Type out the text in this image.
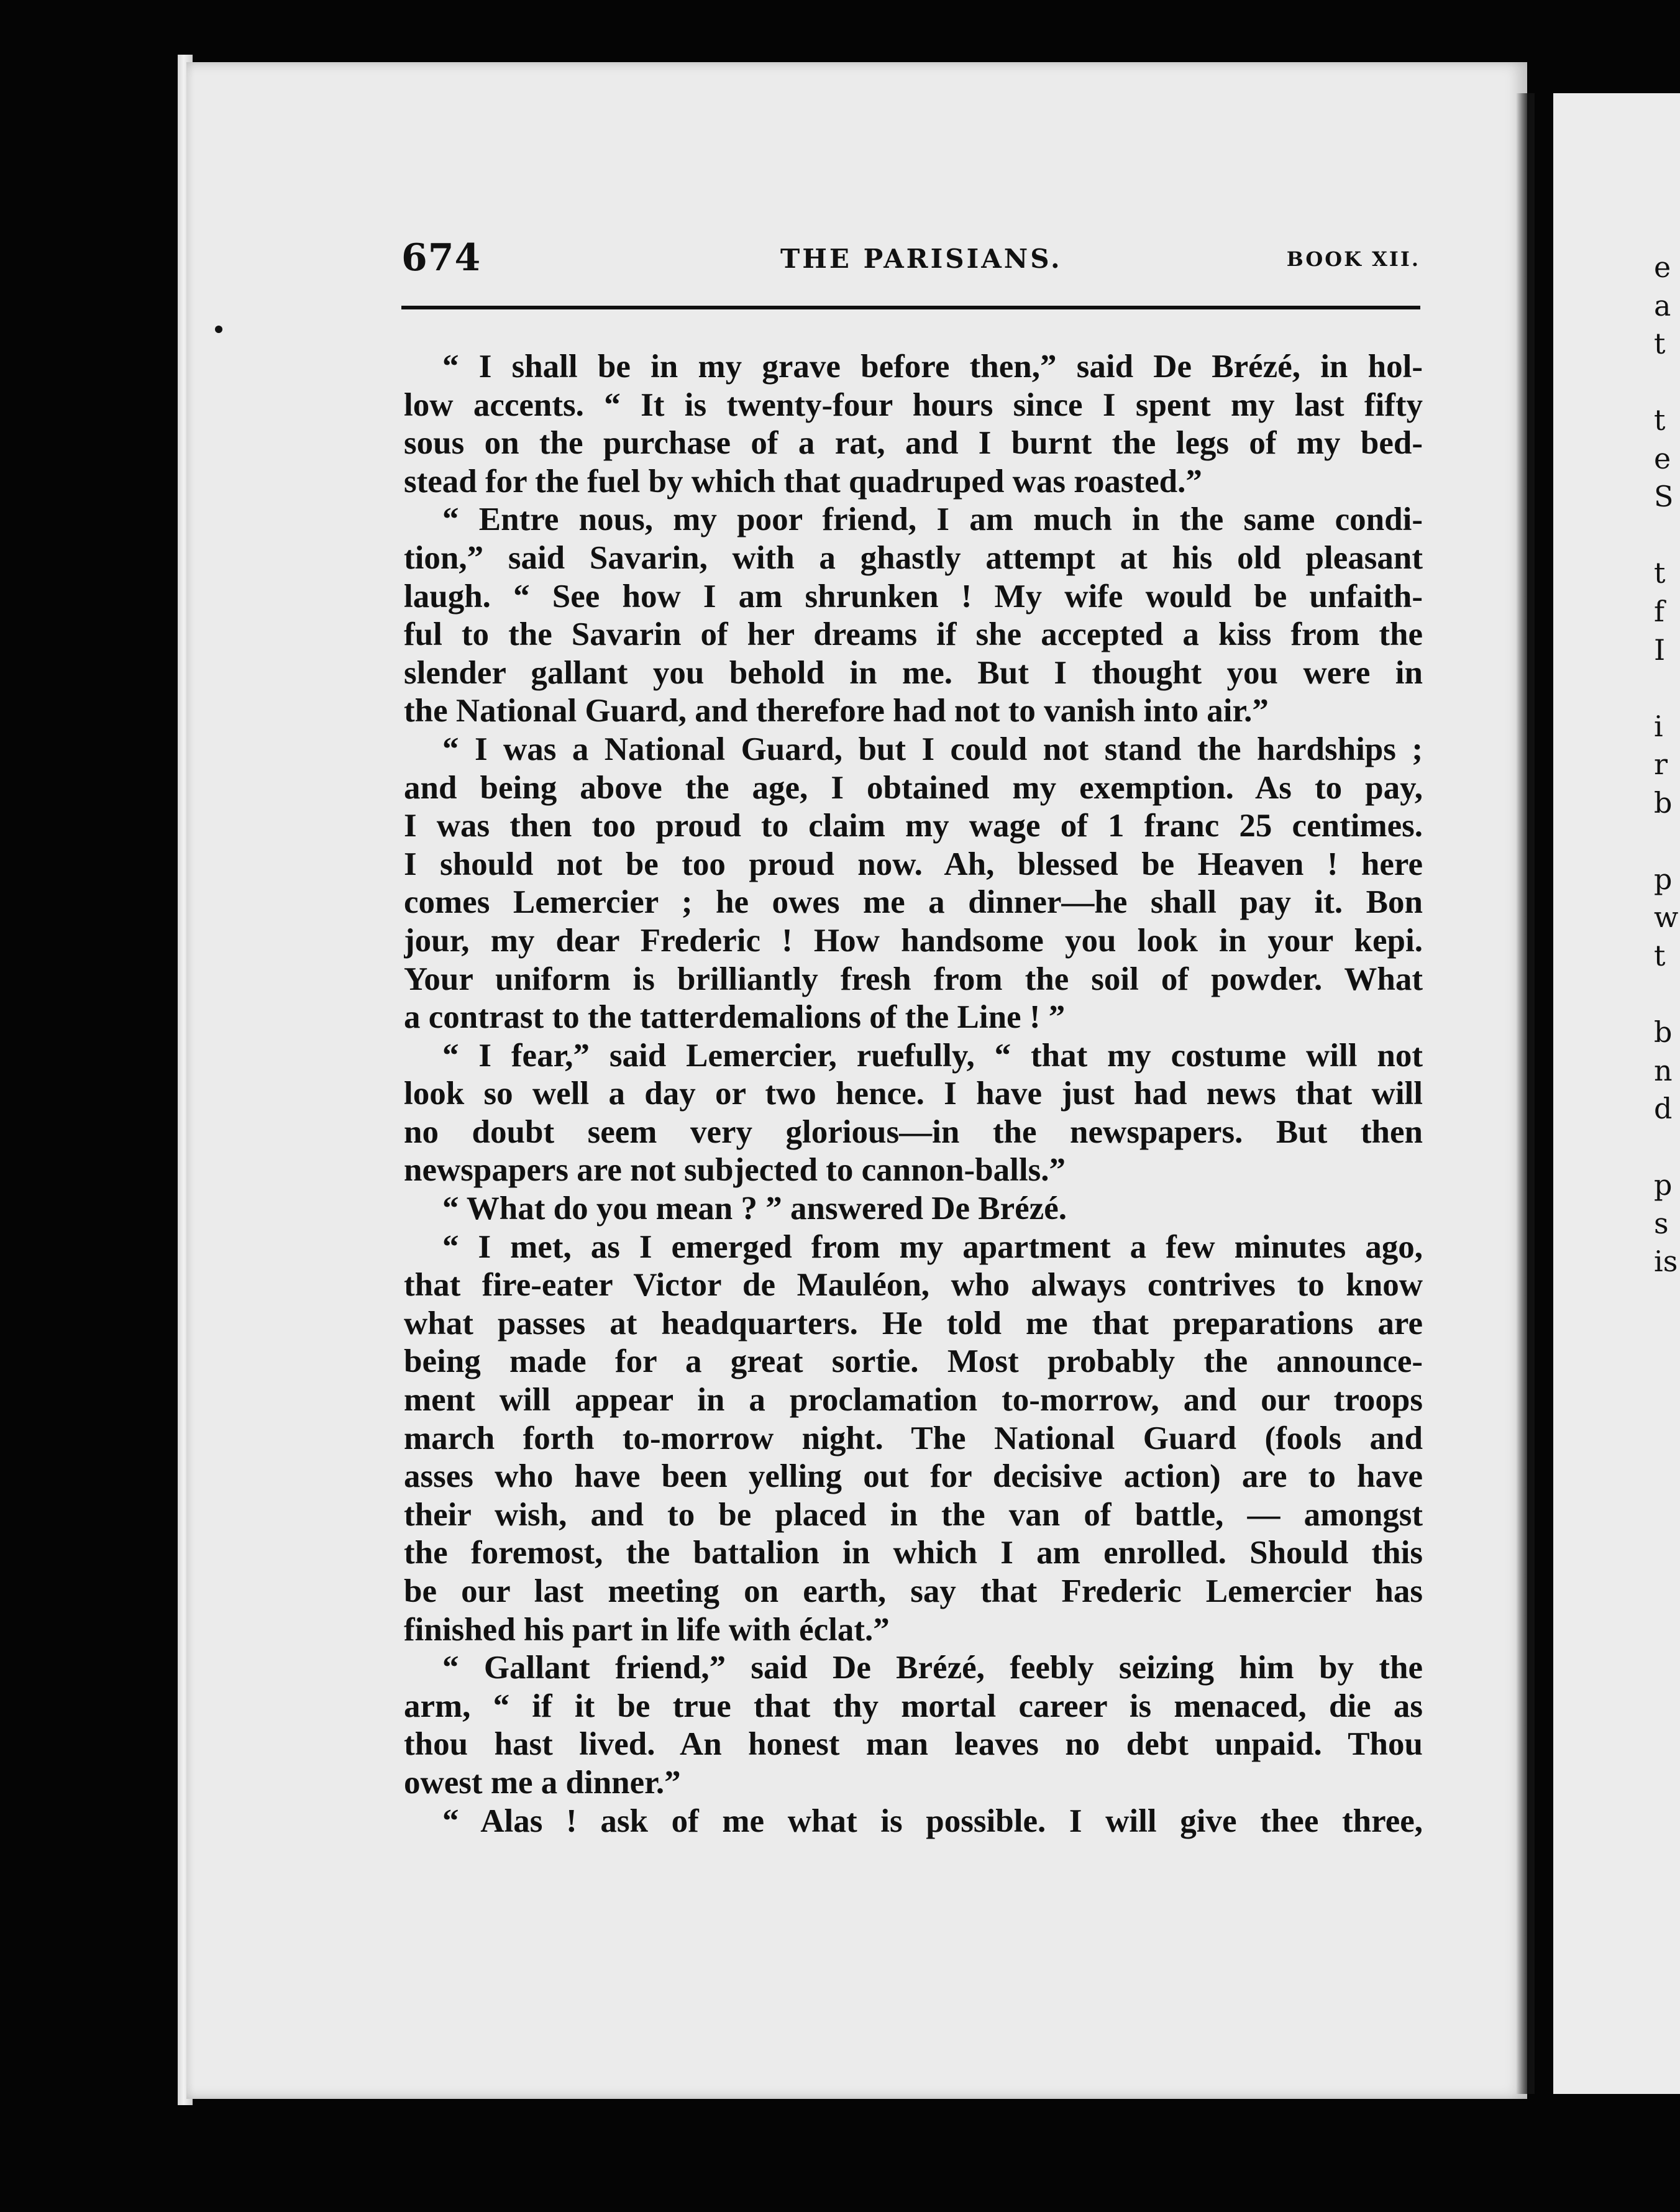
674	THE PARISIANS.	BOOK XII.
“ I shall be in my grave before then,” said De Brézé, in hol-
low accents. “ It is twenty-four hours since I spent my last fifty
sous on the purchase of a rat, and I burnt the legs of my bed-
stead for the fuel by which that quadruped was roasted.”
“ Entre nous, my poor friend, I am much in the same condi-
tion,” said Savarin, with a ghastly attempt at his old pleasant
laugh. “ See how I am shrunken ! My wife would be unfaith-
ful to the Savarin of her dreams if she accepted a kiss from the
slender gallant you behold in me. But I thought you were in
the National Guard, and therefore had not to vanish into air.”
“ I was a National Guard, but I could not stand the hardships ;
and being above the age, I obtained my exemption. As to pay,
I was then too proud to claim my wage of 1 franc 25 centimes.
I should not be too proud now. Ah, blessed be Heaven ! here
comes Lemercier ; he owes me a dinner—he shall pay it. Bon
jour, my dear Frederic ! How handsome you look in your kepi.
Your uniform is brilliantly fresh from the soil of powder. What
a contrast to the tatterdemalions of the Line ! ”
“ I fear,” said Lemercier, ruefully, “ that my costume will not
look so well a day or two hence. I have just had news that will
no doubt seem very glorious—in the newspapers. But then
newspapers are not subjected to cannon-balls.”
“ What do you mean ? ” answered De Brézé.
“ I met, as I emerged from my apartment a few minutes ago,
that fire-eater Victor de Mauléon, who always contrives to know
what passes at headquarters. He told me that preparations are
being made for a great sortie. Most probably the announce-
ment will appear in a proclamation to-morrow, and our troops
march forth to-morrow night. The National Guard (fools and
asses who have been yelling out for decisive action) are to have
their wish, and to be placed in the van of battle, — amongst
the foremost, the battalion in which I am enrolled. Should this
be our last meeting on earth, say that Frederic Lemercier has
finished his part in life with éclat.”
“ Gallant friend,” said De Brézé, feebly seizing him by the
arm, “ if it be true that thy mortal career is menaced, die as
thou hast lived. An honest man leaves no debt unpaid. Thou
owest me a dinner.”
“ Alas ! ask of me what is possible. I will give thee three,
e
a
t
t
e
S
t
f
I
i
r
b
p
w
t
b
n
d
p
s
is
